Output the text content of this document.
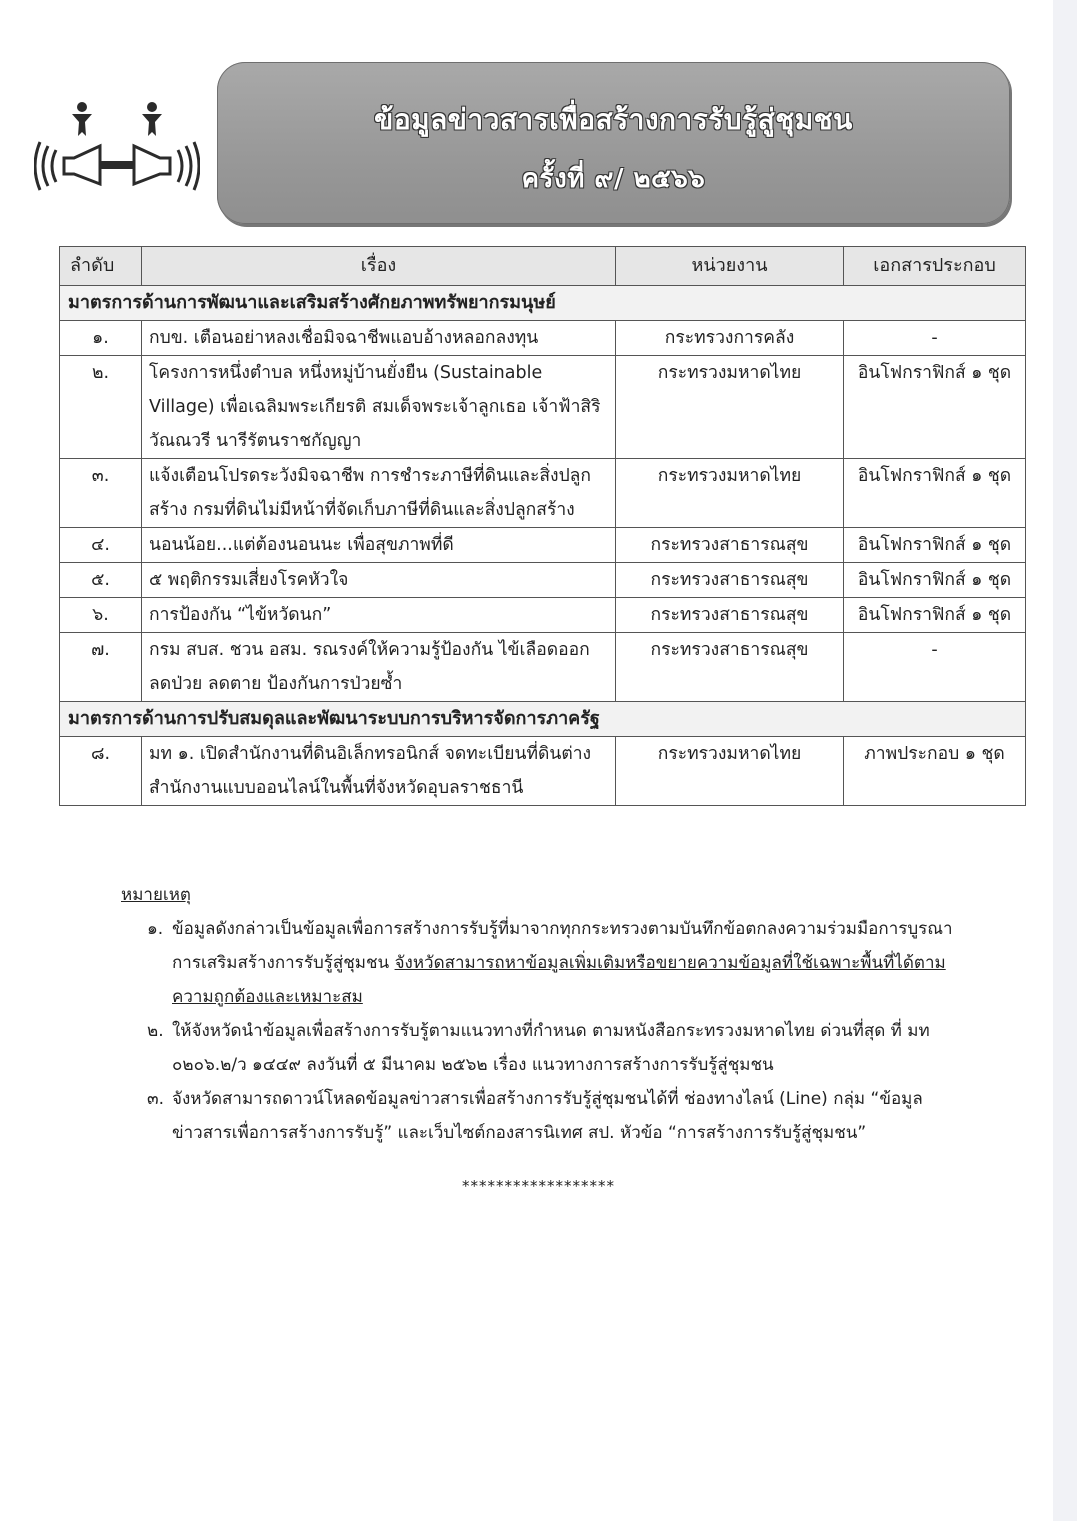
ข้อมูลข่าวสารเพื่อสร้างการรับรู้สู่ชุมชน
ครั้งที่ ๙/ ๒๕๖๖
ลำดับ	เรื่อง	หน่วยงาน	เอกสารประกอบ
มาตรการด้านการพัฒนาและเสริมสร้างศักยภาพทรัพยากรมนุษย์			
๑.	กบข. เตือนอย่าหลงเชื่อมิจฉาชีพแอบอ้างหลอกลงทุน	กระทรวงการคลัง	-
๒.	โครงการหนึ่งตำบล หนึ่งหมู่บ้านยั่งยืน (Sustainable Village) เพื่อเฉลิมพระเกียรติ สมเด็จพระเจ้าลูกเธอ เจ้าฟ้าสิริวัณณวรี นารีรัตนราชกัญญา	กระทรวงมหาดไทย	อินโฟกราฟิกส์ ๑ ชุด
๓.	แจ้งเตือนโปรดระวังมิจฉาชีพ การชำระภาษีที่ดินและสิ่งปลูกสร้าง กรมที่ดินไม่มีหน้าที่จัดเก็บภาษีที่ดินและสิ่งปลูกสร้าง	กระทรวงมหาดไทย	อินโฟกราฟิกส์ ๑ ชุด
๔.	นอนน้อย...แต่ต้องนอนนะ เพื่อสุขภาพที่ดี	กระทรวงสาธารณสุข	อินโฟกราฟิกส์ ๑ ชุด
๕.	๕ พฤติกรรมเสี่ยงโรคหัวใจ	กระทรวงสาธารณสุข	อินโฟกราฟิกส์ ๑ ชุด
๖.	การป้องกัน “ไข้หวัดนก”	กระทรวงสาธารณสุข	อินโฟกราฟิกส์ ๑ ชุด
๗.	กรม สบส. ชวน อสม. รณรงค์ให้ความรู้ป้องกัน ไข้เลือดออก ลดป่วย ลดตาย ป้องกันการป่วยซ้ำ	กระทรวงสาธารณสุข	-
มาตรการด้านการปรับสมดุลและพัฒนาระบบการบริหารจัดการภาครัฐ			
๘.	มท ๑. เปิดสำนักงานที่ดินอิเล็กทรอนิกส์ จดทะเบียนที่ดินต่างสำนักงานแบบออนไลน์ในพื้นที่จังหวัดอุบลราชธานี	กระทรวงมหาดไทย	ภาพประกอบ ๑ ชุด
หมายเหตุ
๑. ข้อมูลดังกล่าวเป็นข้อมูลเพื่อการสร้างการรับรู้ที่มาจากทุกกระทรวงตามบันทึกข้อตกลงความร่วมมือการบูรณาการเสริมสร้างการรับรู้สู่ชุมชน จังหวัดสามารถหาข้อมูลเพิ่มเติมหรือขยายความข้อมูลที่ใช้เฉพาะพื้นที่ได้ตามความถูกต้องและเหมาะสม
๒. ให้จังหวัดนำข้อมูลเพื่อสร้างการรับรู้ตามแนวทางที่กำหนด ตามหนังสือกระทรวงมหาดไทย ด่วนที่สุด ที่ มท ๐๒๐๖.๒/ว ๑๔๔๙ ลงวันที่ ๕ มีนาคม ๒๕๖๒ เรื่อง แนวทางการสร้างการรับรู้สู่ชุมชน
๓. จังหวัดสามารถดาวน์โหลดข้อมูลข่าวสารเพื่อสร้างการรับรู้สู่ชุมชนได้ที่ ช่องทางไลน์ (Line) กลุ่ม “ข้อมูลข่าวสารเพื่อการสร้างการรับรู้” และเว็บไซต์กองสารนิเทศ สป. หัวข้อ “การสร้างการรับรู้สู่ชุมชน”
******************
